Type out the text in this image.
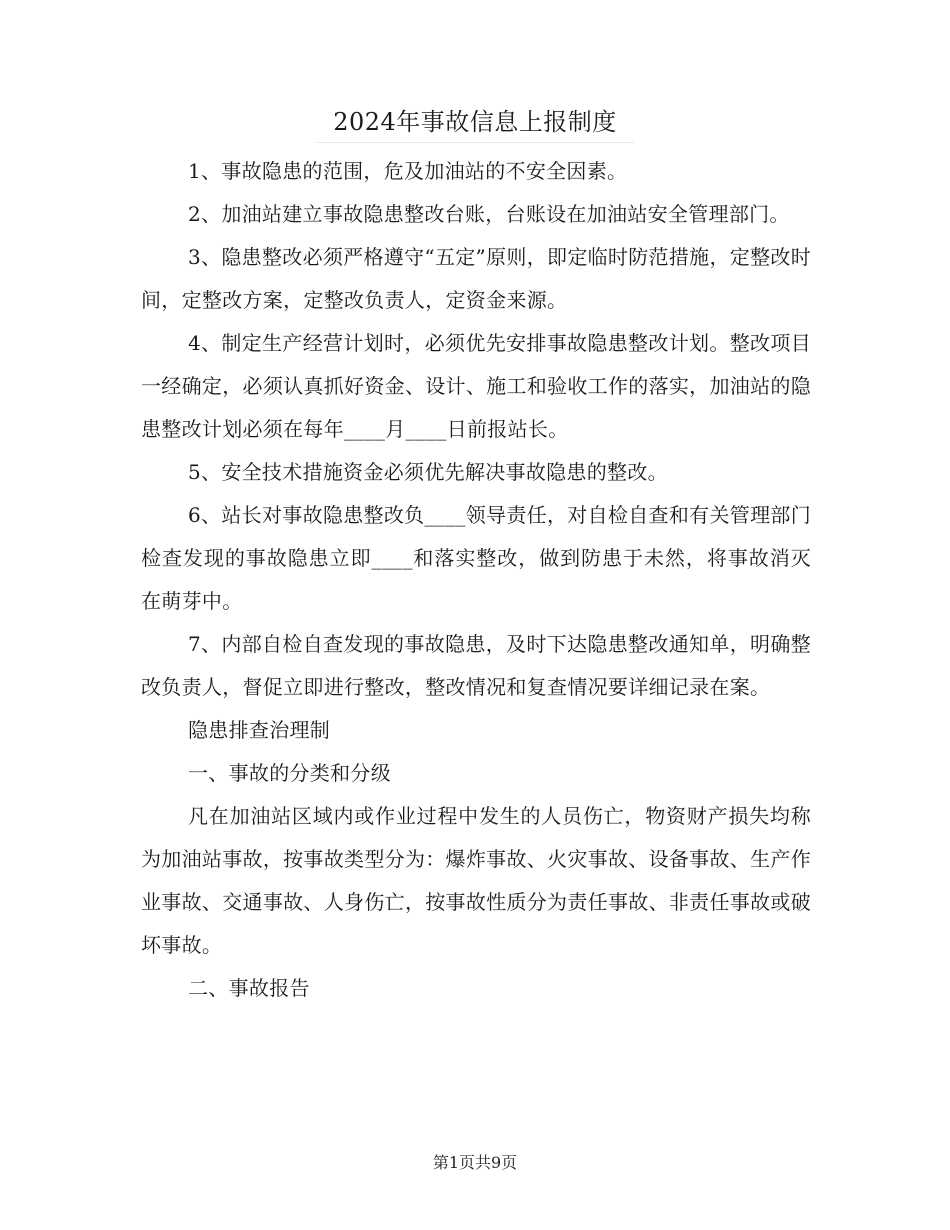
2024年事故信息上报制度

1、事故隐患的范围，危及加油站的不安全因素。

2、加油站建立事故隐患整改台账，台账设在加油站安全管理部门。

3、隐患整改必须严格遵守“五定”原则，即定临时防范措施，定整改时间，定整改方案，定整改负责人，定资金来源。

4、制定生产经营计划时，必须优先安排事故隐患整改计划。整改项目一经确定，必须认真抓好资金、设计、施工和验收工作的落实，加油站的隐患整改计划必须在每年____月____日前报站长。

5、安全技术措施资金必须优先解决事故隐患的整改。

6、站长对事故隐患整改负____领导责任，对自检自查和有关管理部门检查发现的事故隐患立即____和落实整改，做到防患于未然，将事故消灭在萌芽中。

7、内部自检自查发现的事故隐患，及时下达隐患整改通知单，明确整改负责人，督促立即进行整改，整改情况和复查情况要详细记录在案。

隐患排查治理制

一、事故的分类和分级

凡在加油站区域内或作业过程中发生的人员伤亡，物资财产损失均称为加油站事故，按事故类型分为：爆炸事故、火灾事故、设备事故、生产作业事故、交通事故、人身伤亡，按事故性质分为责任事故、非责任事故或破坏事故。

二、事故报告

第1页共9页
